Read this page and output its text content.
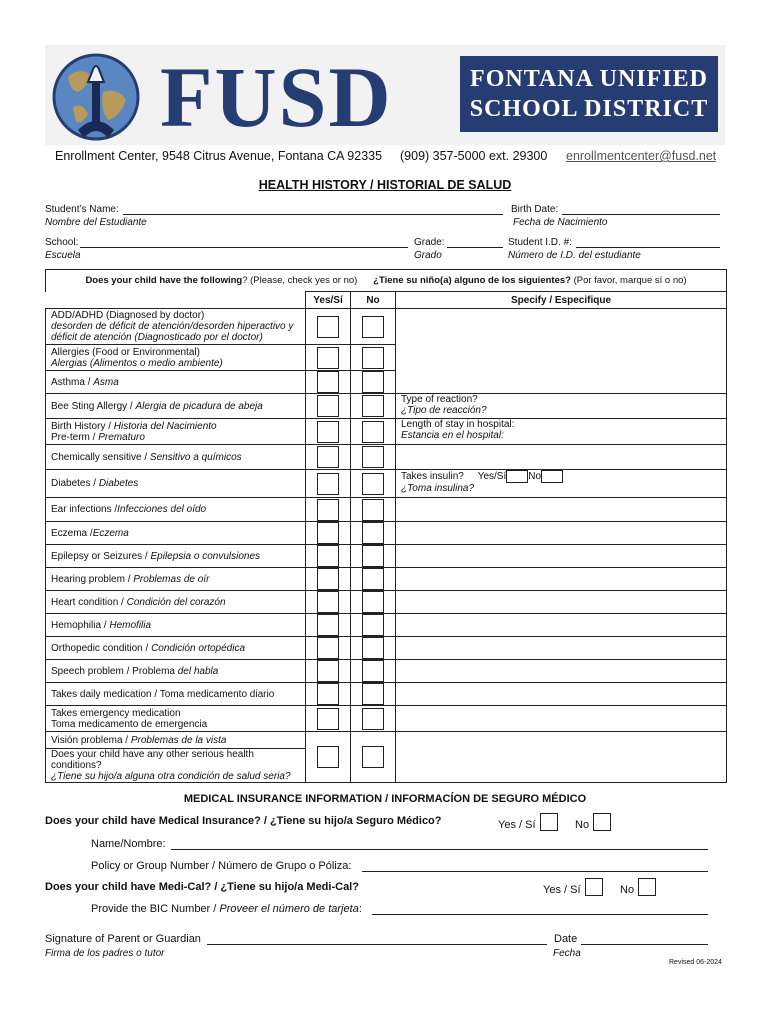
FUSD	FONTANA UNIFIED
SCHOOL DISTRICT
Enrollment Center, 9548 Citrus Avenue, Fontana CA 92335 (909) 357-5000 ext. 29300 enrollmentcenter@fusd.net
HEALTH HISTORY / HISTORIAL DE SALUD
Student’s Name:
Nombre del Estudiante
Birth Date:
Fecha de Nacimiento
School:
Escuela
Grade:
Grado
Student I.D. #:
Número de I.D. del estudiante
Does your child have the following? (Please, check yes or no) ¿Tiene su niño(a) alguno de los siguientes? (Por favor, marque sí o no)			
	Yes/Sí	No	Specify / Especifique
ADD/ADHD (Diagnosed by doctor)
desorden de déficit de atención/desorden hiperactivo y déficit de atención (Diagnosticado por el doctor)	

Allergies (Food or Environmental)
Alergias (Alimentos o medio ambiente)		

Asthma / Asma		

Bee Sting Allergy / Alergia de picadura de abeja			Type of reaction?
¿Tipo de reacción?
Birth History / Historia del Nacimiento
Pre-term / Prematuro			Length of stay in hospital:
Estancia en el hospital:
Chemically sensitive / Sensitivo a químicos	

Diabetes / Diabetes			Takes insulin? Yes/Sí No
¿Toma insulina?
Ear infections /Infecciones del oído	

Eczema /Eczema	

Epilepsy or Seizures / Epilepsia o convulsiones	

Hearing problem / Problemas de oír	

Heart condition / Condición del corazón	

Hemophilia / Hemofilia	

Orthopedic condition / Condición ortopédica	

Speech problem / Problema del habla	

Takes daily medication / Toma medicamento diario	

Takes emergency medication
Toma medicamento de emergencia	

Visión problema / Problemas de la vista	

Does your child have any other serious health conditions?
¿Tiene su hijo/a alguna otra condición de salud seria?			
MEDICAL INSURANCE INFORMATION / INFORMACÍON DE SEGURO MÉDICO
Does your child have Medical Insurance? / ¿Tiene su hijo/a Seguro Médico?	Yes / Sí	No
Name/Nombre:
Policy or Group Number / Número de Grupo o Póliza:
Does your child have Medi-Cal? / ¿Tiene su hijo/a Medi-Cal?	Yes / Sí	No
Provide the BIC Number / Proveer el número de tarjeta:
Signature of Parent or Guardian
Firma de los padres o tutor
Date
Fecha
Revised 06-2024
